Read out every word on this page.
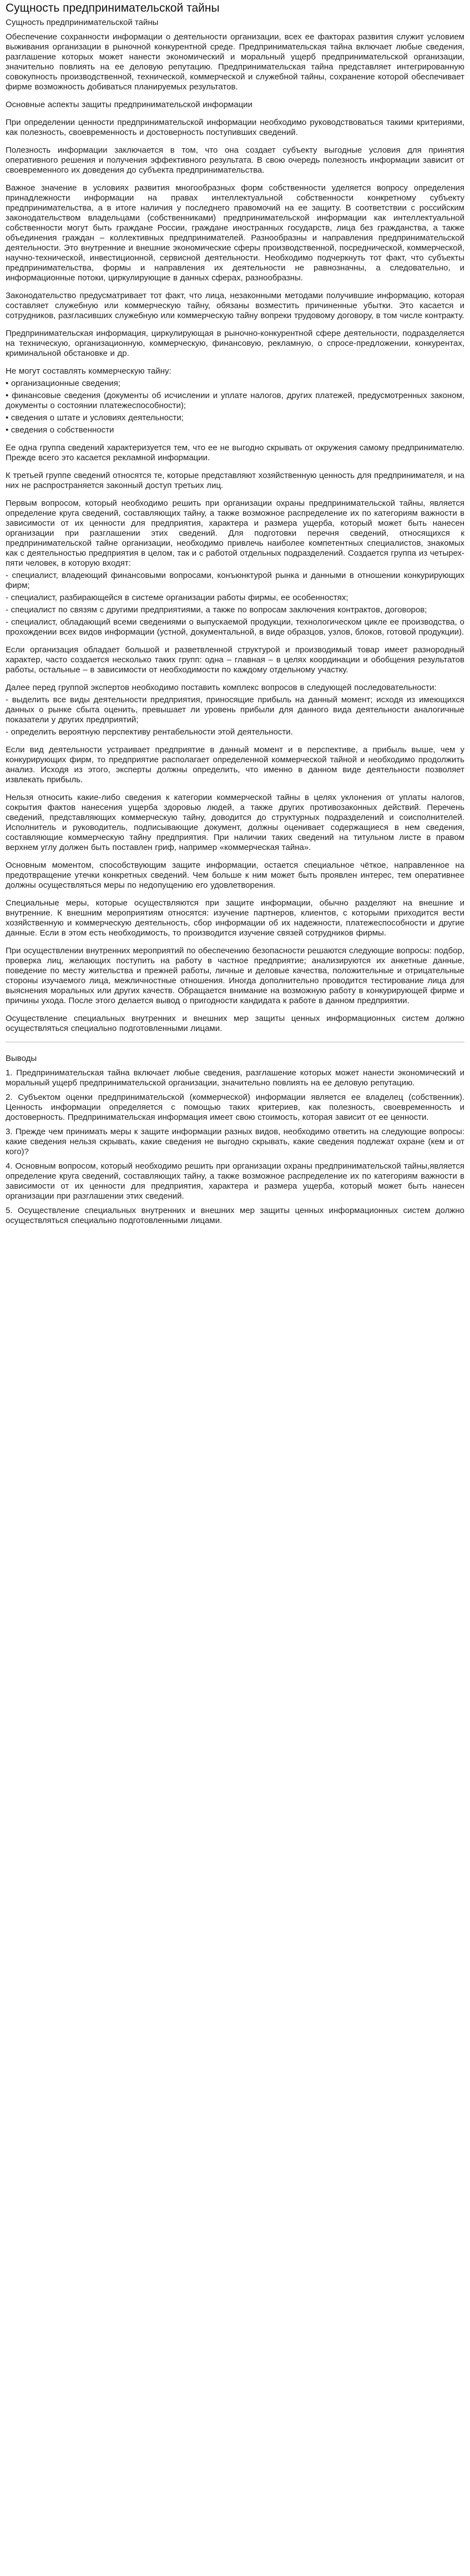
Сущность предпринимательской тайны
Сущность предпринимательской тайны

Обеспечение сохранности информации о деятельности организации, всех ее факторах развития служит условием выживания организации в рыночной конкурентной среде. Предпринимательская тайна включает любые сведения, разглашение которых может нанести экономический и моральный ущерб предпринимательской организации, значительно повлиять на ее деловую репутацию. Предпринимательская тайна представляет интегрированную совокупность производственной, технической, коммерческой и служебной тайны, сохранение которой обеспечивает фирме возможность добиваться планируемых результатов.

Основные аспекты защиты предпринимательской информации

При определении ценности предпринимательской информации необходимо руководствоваться такими критериями, как полезность, своевременность и достоверность поступивших сведений.

Полезность информации заключается в том, что она создает субъекту выгодные условия для принятия оперативного решения и получения эффективного результата. В свою очередь полезность информации зависит от своевременного их доведения до субъекта предпринимательства.

Важное значение в условиях развития многообразных форм собственности уделяется вопросу определения принадлежности информации на правах интеллектуальной собственности конкретному субъекту предпринимательства, а в итоге наличия у последнего правомочий на ее защиту. В соответствии с российским законодательством владельцами (собственниками) предпринимательской информации как интеллектуальной собственности могут быть граждане России, граждане иностранных государств, лица без гражданства, а также объединения граждан – коллективных предпринимателей. Разнообразны и направления предпринимательской деятельности. Это внутренние и внешние экономические сферы производственной, посреднической, коммерческой, научно-технической, инвестиционной, сервисной деятельности. Необходимо подчеркнуть тот факт, что субъекты предпринимательства, формы и направления их деятельности не равнозначны, а следовательно, и информационные потоки, циркулирующие в данных сферах, разнообразны.

Законодательство предусматривает тот факт, что лица, незаконными методами получившие информацию, которая составляет служебную или коммерческую тайну, обязаны возместить причиненные убытки. Это касается и сотрудников, разгласивших служебную или коммерческую тайну вопреки трудовому договору, в том числе контракту.

Предпринимательская информация, циркулирующая в рыночно-конкурентной сфере деятельности, подразделяется на техническую, организационную, коммерческую, финансовую, рекламную, о спросе-предложении, конкурентах, криминальной обстановке и др.

Не могут составлять коммерческую тайну:

• организационные сведения;

• финансовые сведения (документы об исчислении и уплате налогов, других платежей, предусмотренных законом, документы о состоянии платежеспособности);

• сведения о штате и условиях деятельности;

• сведения о собственности

Ее одна группа сведений характеризуется тем, что ее не выгодно скрывать от окружения самому предпринимателю. Прежде всего это касается рекламной информации.

К третьей группе сведений относятся те, которые представляют хозяйственную ценность для предпринимателя, и на них не распространяется законный доступ третьих лиц.

Первым вопросом, который необходимо решить при организации охраны предпринимательской тайны, является определение круга сведений, составляющих тайну, а также возможное распределение их по категориям важности в зависимости от их ценности для предприятия, характера и размера ущерба, который может быть нанесен организации при разглашении этих сведений. Для подготовки перечня сведений, относящихся к предпринимательской тайне организации, необходимо привлечь наиболее компетентных специалистов, знакомых как с деятельностью предприятия в целом, так и с работой отдельных подразделений. Создается группа из четырех-пяти человек, в которую входят:

- специалист, владеющий финансовыми вопросами, конъюнктурой рынка и данными в отношении конкурирующих фирм;

- специалист, разбирающейся в системе организации работы фирмы, ее особенностях;

- специалист по связям с другими предприятиями, а также по вопросам заключения контрактов, договоров;

- специалист, обладающий всеми сведениями о выпускаемой продукции, технологическом цикле ее производства, о прохождении всех видов информации (устной, документальной, в виде образцов, узлов, блоков, готовой продукции).

Если организация обладает большой и разветвленной структурой и производимый товар имеет разнородный характер, часто создается несколько таких групп: одна – главная – в целях координации и обобщения результатов работы, остальные – в зависимости от необходимости по каждому отдельному участку.

Далее перед группой экспертов необходимо поставить комплекс вопросов в следующей последовательности:

- выделить все виды деятельности предприятия, приносящие прибыль на данный момент; исходя из имеющихся данных о рынке сбыта оценить, превышает ли уровень прибыли для данного вида деятельности аналогичные показатели у других предприятий;

- определить вероятную перспективу рентабельности этой деятельности.

Если вид деятельности устраивает предприятие в данный момент и в перспективе, а прибыль выше, чем у конкурирующих фирм, то предприятие располагает определенной коммерческой тайной и необходимо продолжить анализ. Исходя из этого, эксперты должны определить, что именно в данном виде деятельности позволяет извлекать прибыль.

Нельзя относить какие-либо сведения к категории коммерческой тайны в целях уклонения от уплаты налогов, сокрытия фактов нанесения ущерба здоровью людей, а также других противозаконных действий. Перечень сведений, представляющих коммерческую тайну, доводится до структурных подразделений и соисполнителей. Исполнитель и руководитель, подписывающие документ, должны оценивает содержащиеся в нем сведения, составляющие коммерческую тайну предприятия. При наличии таких сведений на титульном листе в правом верхнем углу должен быть поставлен гриф, например «коммерческая тайна».

Основным моментом, способствующим защите информации, остается специальное чёткое, направленное на предотвращение утечки конкретных сведений. Чем больше к ним может быть проявлен интерес, тем оперативнее должны осуществляться меры по недопущению его удовлетворения.

Специальные меры, которые осуществляются при защите информации, обычно разделяют на внешние и внутренние. К внешним мероприятиям относятся: изучение партнеров, клиентов, с которыми приходится вести хозяйственную и коммерческую деятельность, сбор информации об их надежности, платежеспособности и другие данные. Если в этом есть необходимость, то производится изучение связей сотрудников фирмы.

При осуществлении внутренних мероприятий по обеспечению безопасности решаются следующие вопросы: подбор, проверка лиц, желающих поступить на работу в частное предприятие; анализируются их анкетные данные, поведение по месту жительства и прежней работы, личные и деловые качества, положительные и отрицательные стороны изучаемого лица, межличностные отношения. Иногда дополнительно проводится тестирование лица для выяснения моральных или других качеств. Обращается внимание на возможную работу в конкурирующей фирме и причины ухода. После этого делается вывод о пригодности кандидата к работе в данном предприятии.

Осуществление специальных внутренних и внешних мер защиты ценных информационных систем должно осуществляться специально подготовленными лицами.

Выводы

1. Предпринимательская тайна включает любые сведения, разглашение которых может нанести экономический и моральный ущерб предпринимательской организации, значительно повлиять на ее деловую репутацию.

2. Субъектом оценки предпринимательской (коммерческой) информации является ее владелец (собственник). Ценность информации определяется с помощью таких критериев, как полезность, своевременность и достоверность. Предпринимательская информация имеет свою стоимость, которая зависит от ее ценности.

3. Прежде чем принимать меры к защите информации разных видов, необходимо ответить на следующие вопросы: какие сведения нельзя скрывать, какие сведения не выгодно скрывать, какие сведения подлежат охране (кем и от кого)?

4. Основным вопросом, который необходимо решить при организации охраны предпринимательской тайны,является определение круга сведений, составляющих тайну, а также возможное распределение их по категориям важности в зависимости от их ценности для предприятия, характера и размера ущерба, который может быть нанесен организации при разглашении этих сведений.

5. Осуществление специальных внутренних и внешних мер защиты ценных информационных систем должно осуществляться специально подготовленными лицами.
